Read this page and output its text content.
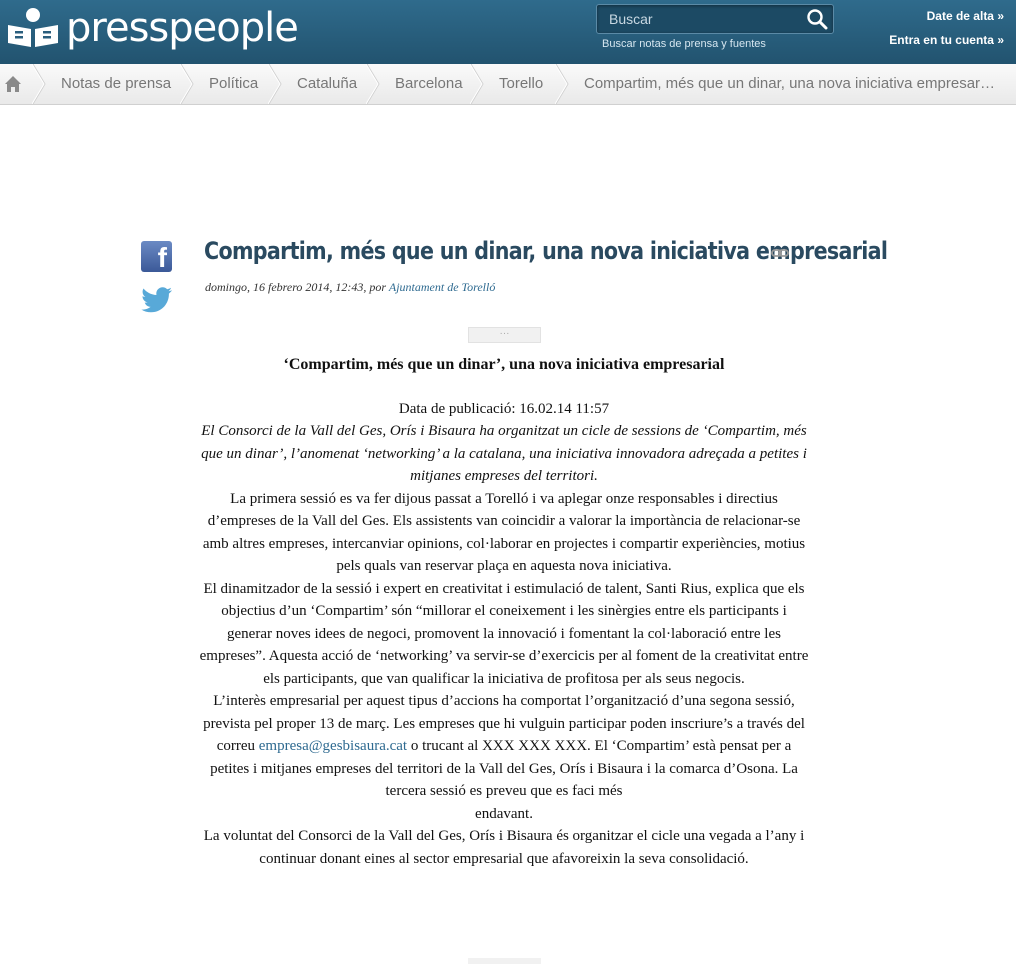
presspeople
Buscar	Buscar notas de prensa y fuentes
Date de alta »
Entra en tu cuenta »
Notas de prensa	Política	Cataluña	Barcelona Torello	Compartim, més que un dinar, una nova iniciativa empresar…
f Compartim, més que un dinar, una nova iniciativa empresarial
domingo, 16 febrero 2014, 12:43, por Ajuntament de Torelló
···

‘Compartim, més que un dinar’, una nova iniciativa empresarial

Data de publicació: 16.02.14 11:57

El Consorci de la Vall del Ges, Orís i Bisaura ha organitzat un cicle de sessions de ‘Compartim, més que un dinar’, l’anomenat ‘networking’ a la catalana, una iniciativa innovadora adreçada a petites i mitjanes empreses del territori.

La primera sessió es va fer dijous passat a Torelló i va aplegar onze responsables i directius d’empreses de la Vall del Ges. Els assistents van coincidir a valorar la importància de relacionar-se amb altres empreses, intercanviar opinions, col·laborar en projectes i compartir experiències, motius pels quals van reservar plaça en aquesta nova iniciativa.

El dinamitzador de la sessió i expert en creativitat i estimulació de talent, Santi Rius, explica que els objectius d’un ‘Compartim’ són “millorar el coneixement i les sinèrgies entre els participants i generar noves idees de negoci, promovent la innovació i fomentant la col·laboració entre les empreses”. Aquesta acció de ‘networking’ va servir-se d’exercicis per al foment de la creativitat entre els participants, que van qualificar la iniciativa de profitosa per als seus negocis.

L’interès empresarial per aquest tipus d’accions ha comportat l’organització d’una segona sessió, prevista pel proper 13 de març. Les empreses que hi vulguin participar poden inscriure’s a través del correu empresa@gesbisaura.cat o trucant al XXX XXX XXX. El ‘Compartim’ està pensat per a petites i mitjanes empreses del territori de la Vall del Ges, Orís i Bisaura i la comarca d’Osona. La tercera sessió es preveu que es faci més
endavant.

La voluntat del Consorci de la Vall del Ges, Orís i Bisaura és organitzar el cicle una vegada a l’any i continuar donant eines al sector empresarial que afavoreixin la seva consolidació.
